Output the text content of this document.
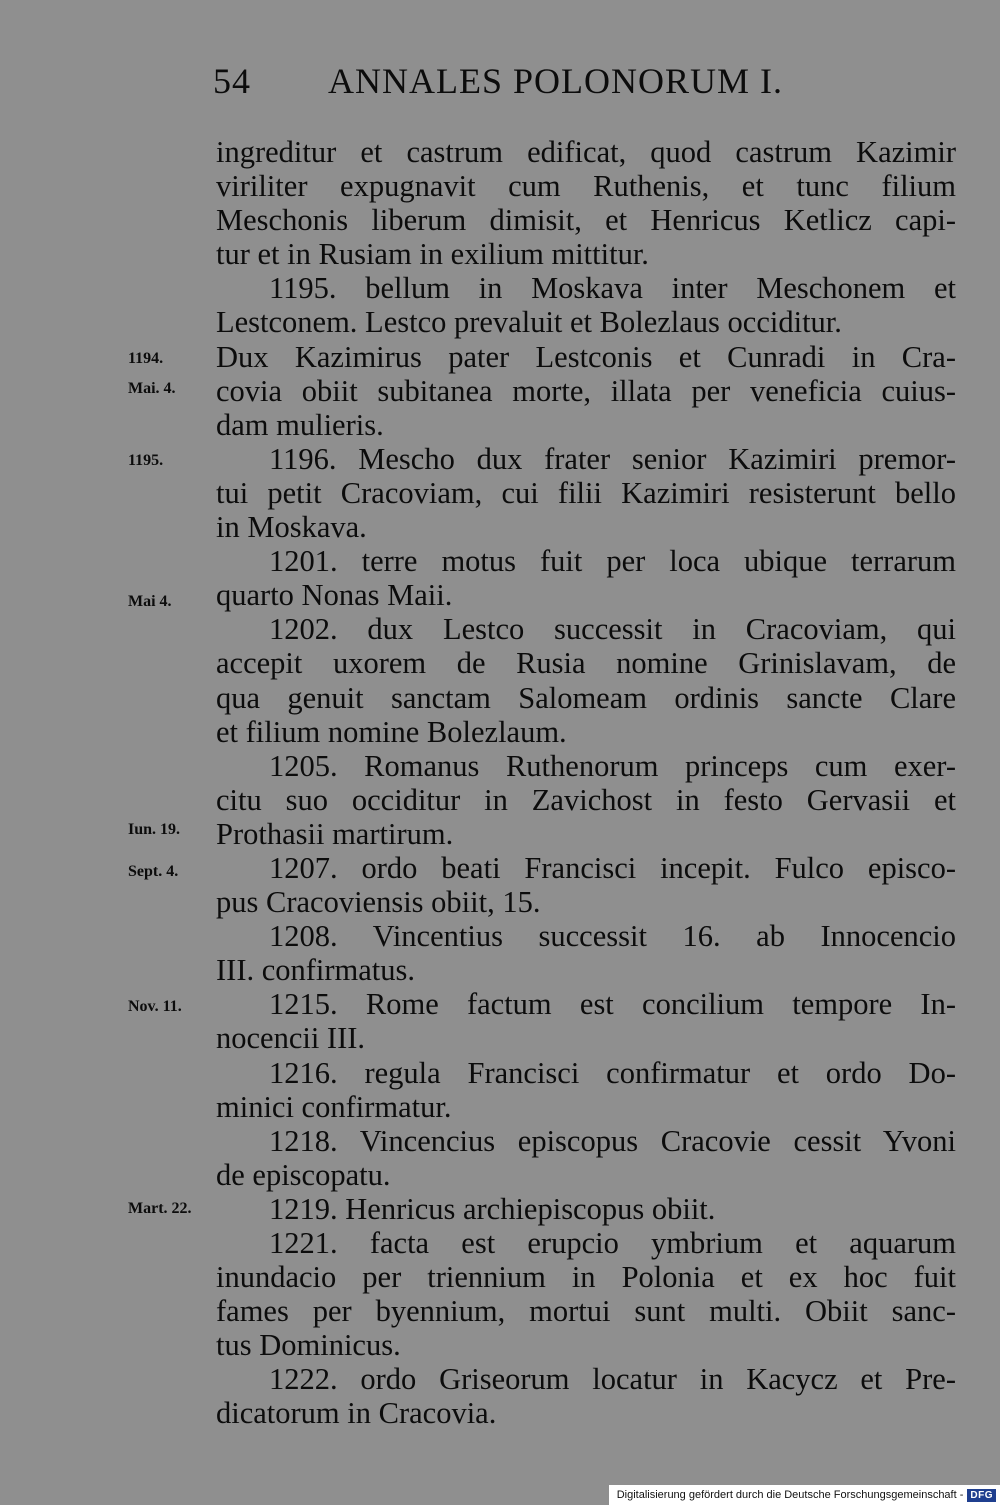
54 ANNALES POLONORUM I.
ingreditur et castrum edificat, quod castrum Kazimir
viriliter expugnavit cum Ruthenis, et tunc filium
Meschonis liberum dimisit, et Henricus Ketlicz capi-
tur et in Rusiam in exilium mittitur.
1195. bellum in Moskava inter Meschonem et
Lestconem. Lestco prevaluit et Bolezlaus occiditur.
Dux Kazimirus pater Lestconis et Cunradi in Cra-
covia obiit subitanea morte, illata per veneficia cuius-
dam mulieris.
1196. Mescho dux frater senior Kazimiri premor-
tui petit Cracoviam, cui filii Kazimiri resisterunt bello
in Moskava.
1201. terre motus fuit per loca ubique terrarum
quarto Nonas Maii.
1202. dux Lestco successit in Cracoviam, qui
accepit uxorem de Rusia nomine Grinislavam, de
qua genuit sanctam Salomeam ordinis sancte Clare
et filium nomine Bolezlaum.
1205. Romanus Ruthenorum princeps cum exer-
citu suo occiditur in Zavichost in festo Gervasii et
Prothasii martirum.
1207. ordo beati Francisci incepit. Fulco episco-
pus Cracoviensis obiit, 15.
1208. Vincentius successit 16. ab Innocencio
III. confirmatus.
1215. Rome factum est concilium tempore In-
nocencii III.
1216. regula Francisci confirmatur et ordo Do-
minici confirmatur.
1218. Vincencius episcopus Cracovie cessit Yvoni
de episcopatu.
1219. Henricus archiepiscopus obiit.
1221. facta est erupcio ymbrium et aquarum
inundacio per triennium in Polonia et ex hoc fuit
fames per byennium, mortui sunt multi. Obiit sanc-
tus Dominicus.
1222. ordo Griseorum locatur in Kacycz et Pre-
dicatorum in Cracovia.
1194.
Mai. 4.
1195.
Mai 4.
Iun. 19.
Sept. 4.
Nov. 11.
Mart. 22.
Digitalisierung gefördert durch die Deutsche Forschungsgemeinschaft - DFG
